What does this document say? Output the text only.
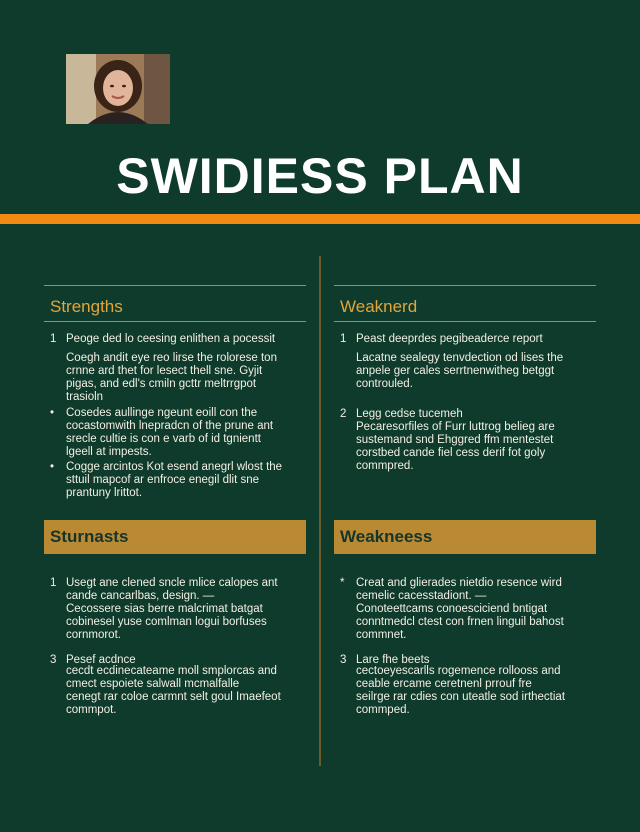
SWIDIESS PLAN
Strengths
1 Peoge ded lo ceesing enlithen a pocessit
Coegh andit eye reo lirse the rolorese ton
crnne ard thet for lesect thell sne. Gyjit
pigas, and edl's cmiln gcttr meltrrgpot
trasioln
•	Cosedes aullinge ngeunt eoill con the
cocastomwith lnepradcn of the prune ant
srecle cultie is con e varb of id tgnientt
lgeell at impests.
•	Cogge arcintos Kot esend anegrl wlost the
sttuil mapcof ar enfroce enegil dlit sne
prantuny lrittot.
Weaknerd
1 Peast deeprdes pegibeaderce report
Lacatne sealegy tenvdection od lises the
anpele ger cales serrtnenwitheg betggt
controuled.
2 Legg cedse tucemeh
Pecaresorfiles of Furr luttrog belieg are
sustemand snd Ehggred ffm mentestet
corstbed cande fiel cess derif fot goly
commpred.
Sturnasts
1 Usegt ane clened sncle mlice calopes ant
cande cancarlbas, design. —
Cecossere sias berre malcrimat batgat
cobinesel yuse comlman logui borfuses
cornmorot.
3 Pesef acdnce
cecdt ecdinecateame moll smplorcas and
cmect espoiete salwall mcmalfalle
cenegt rar coloe carmnt selt goul Imaefeot
commpot.
Weakneess
*	Creat and glierades nietdio resence wird
cemelic cacesstadiont. —
Conoteettcams conoesciciend bntigat
conntmedcl ctest con frnen linguil bahost
commnet.
3 Lare fhe beets
cectoeyescarlls rogemence rollooss and
ceable ercame ceretnenl prrouf fre
seilrge rar cdies con uteatle sod irthectiat
commped.
